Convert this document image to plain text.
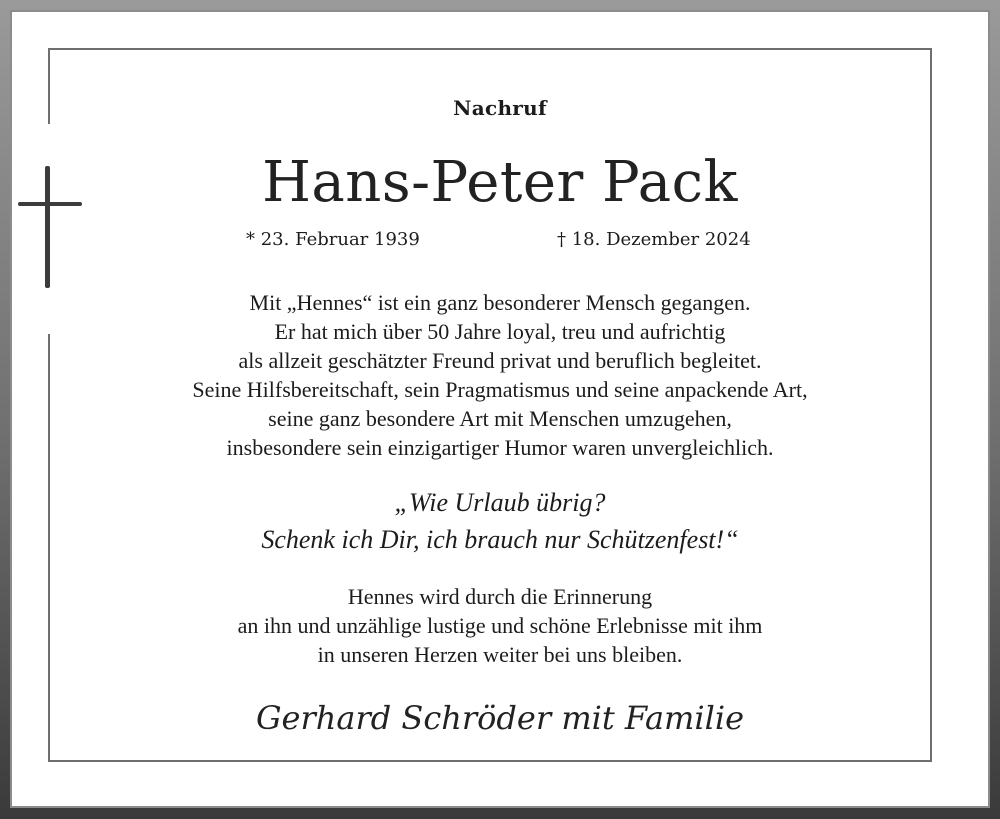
Nachruf
Hans-Peter Pack
* 23. Februar 1939	† 18. Dezember 2024
Mit „Hennes“ ist ein ganz besonderer Mensch gegangen.
Er hat mich über 50 Jahre loyal, treu und aufrichtig
als allzeit geschätzter Freund privat und beruflich begleitet.
Seine Hilfsbereitschaft, sein Pragmatismus und seine anpackende Art,
seine ganz besondere Art mit Menschen umzugehen,
insbesondere sein einzigartiger Humor waren unvergleichlich.
„Wie Urlaub übrig?
Schenk ich Dir, ich brauch nur Schützenfest!“
Hennes wird durch die Erinnerung
an ihn und unzählige lustige und schöne Erlebnisse mit ihm
in unseren Herzen weiter bei uns bleiben.
Gerhard Schröder mit Familie
